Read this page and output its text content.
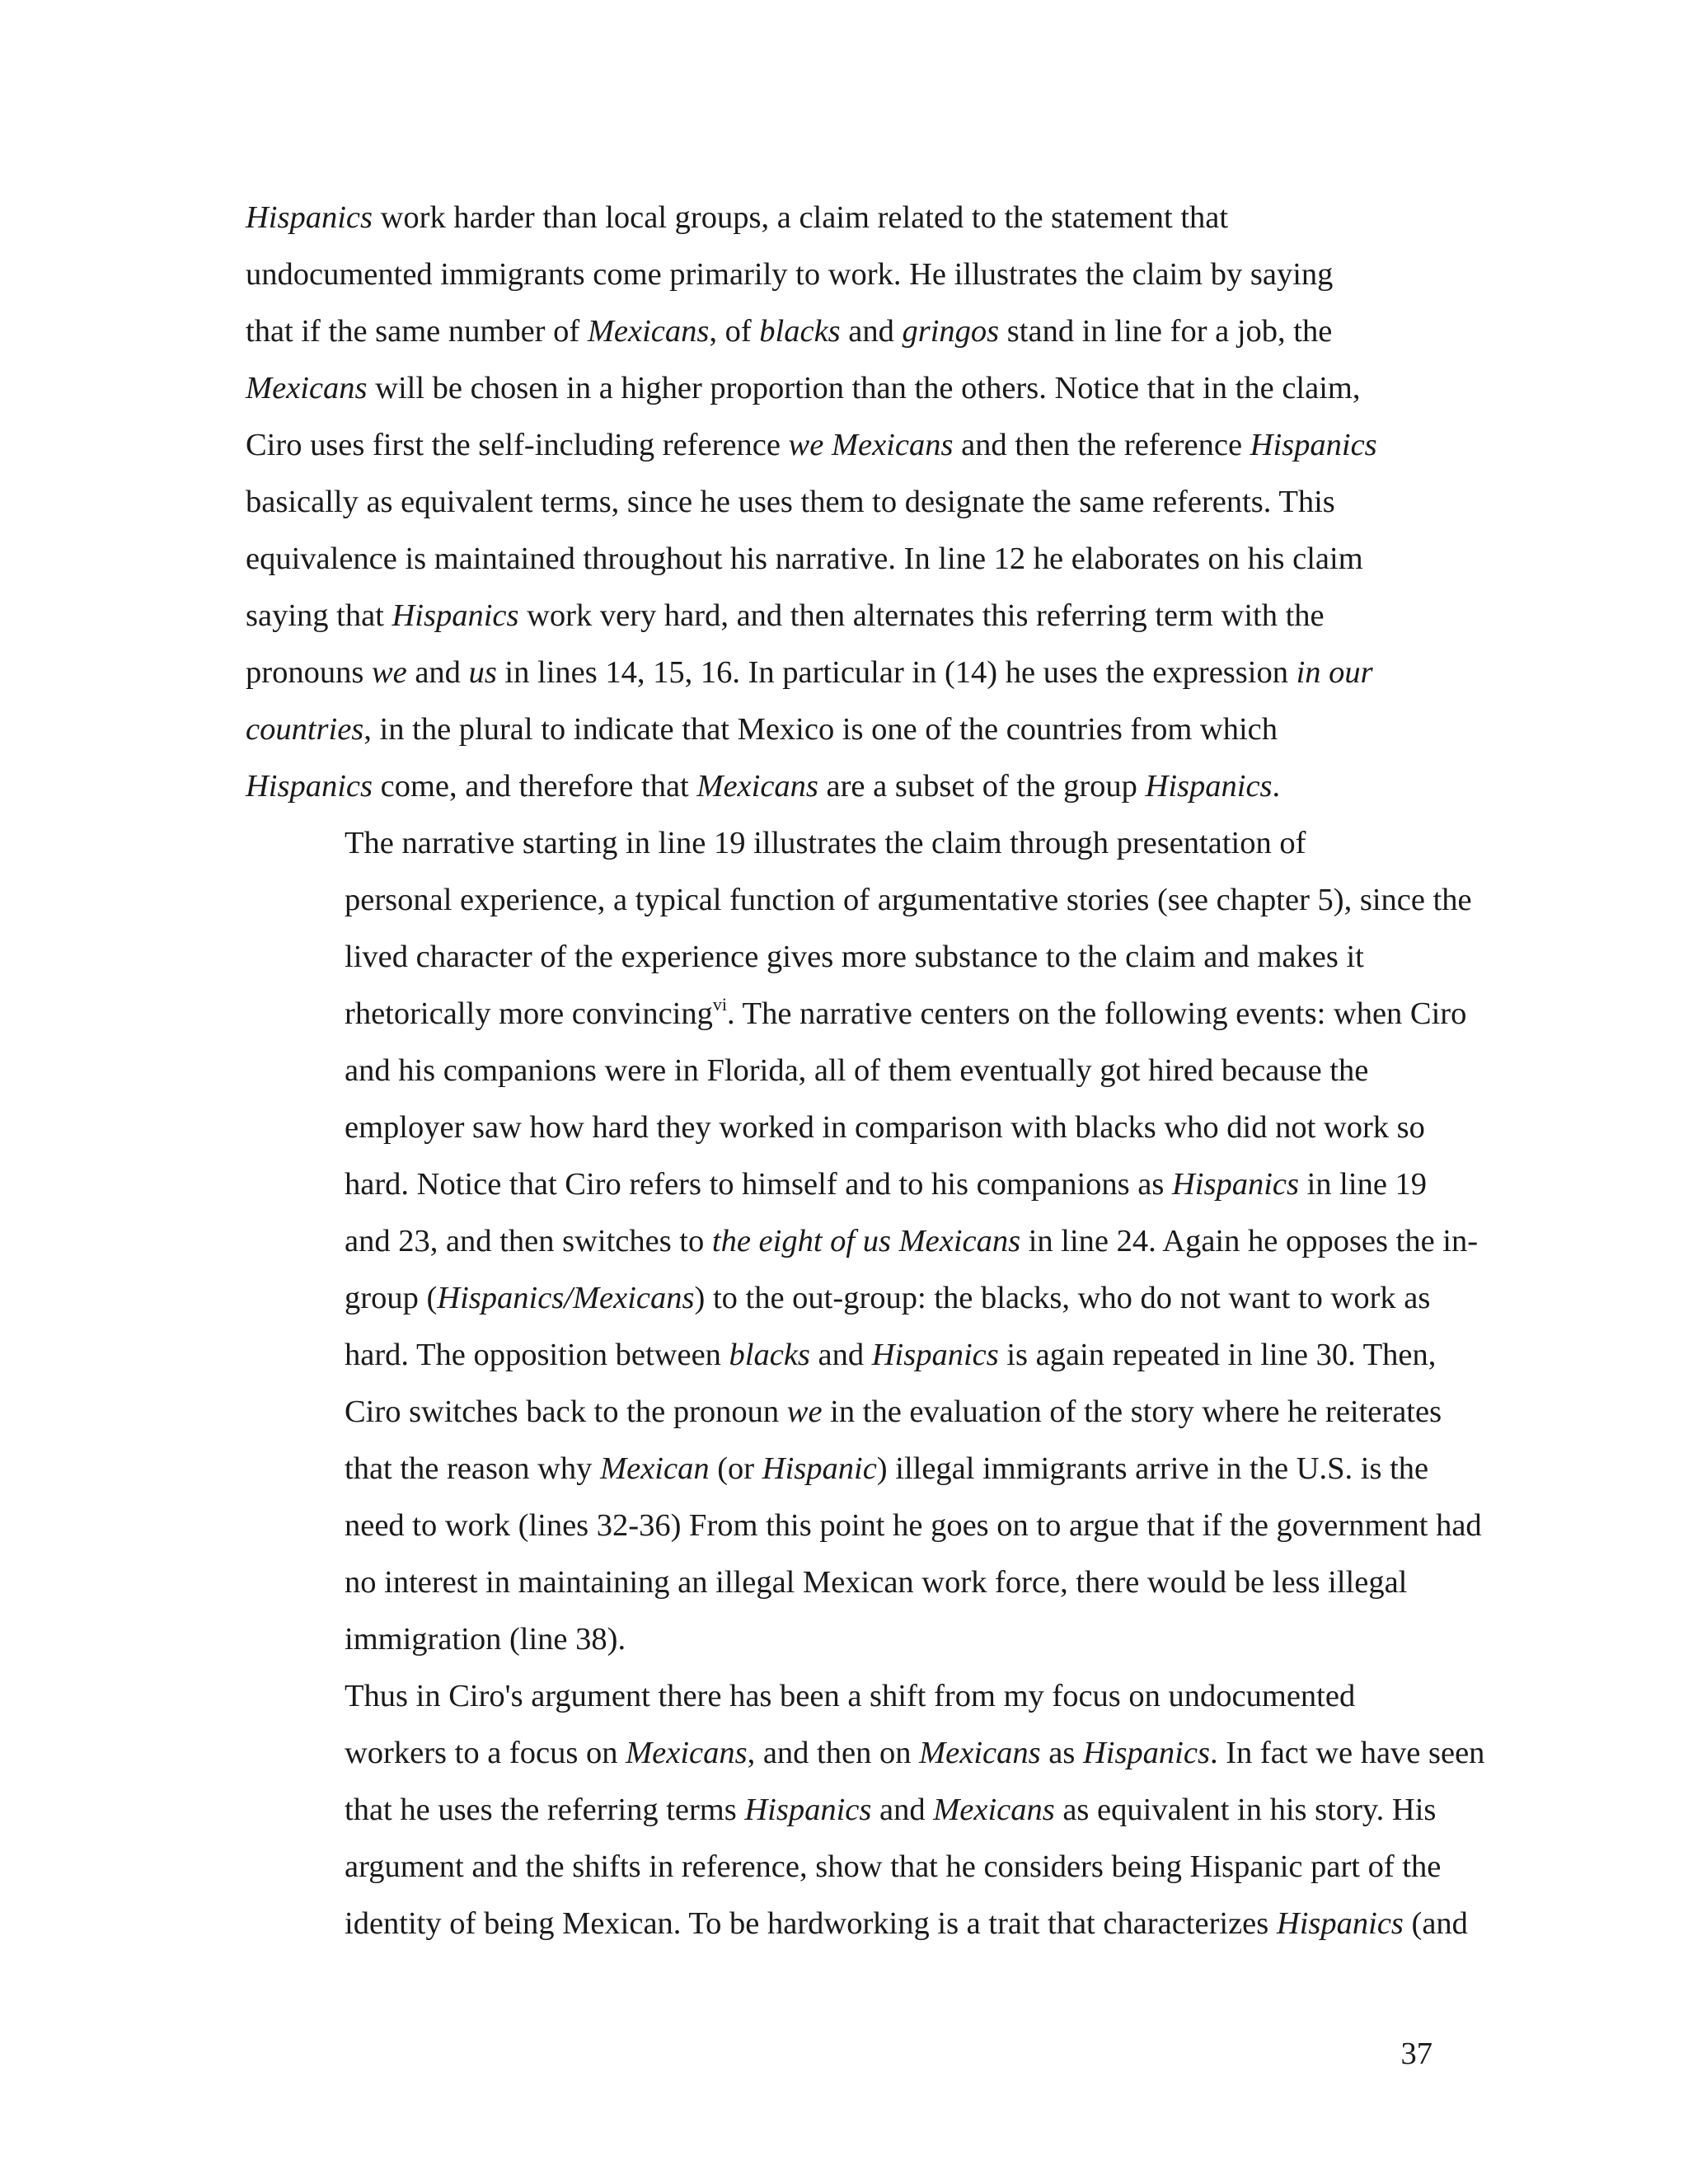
Hispanics work harder than local groups, a claim related to the statement that
undocumented immigrants come primarily to work. He illustrates the claim by saying
that if the same number of Mexicans, of blacks and gringos stand in line for a job, the
Mexicans will be chosen in a higher proportion than the others. Notice that in the claim,
Ciro uses first the self-including reference we Mexicans and then the reference Hispanics
basically as equivalent terms, since he uses them to designate the same referents. This
equivalence is maintained throughout his narrative. In line 12 he elaborates on his claim
saying that Hispanics work very hard, and then alternates this referring term with the
pronouns we and us in lines 14, 15, 16. In particular in (14) he uses the expression in our
countries, in the plural to indicate that Mexico is one of the countries from which
Hispanics come, and therefore that Mexicans are a subset of the group Hispanics.
The narrative starting in line 19 illustrates the claim through presentation of
personal experience, a typical function of argumentative stories (see chapter 5), since the
lived character of the experience gives more substance to the claim and makes it
rhetorically more convincing$^{vi}$. The narrative centers on the following events: when Ciro
and his companions were in Florida, all of them eventually got hired because the
employer saw how hard they worked in comparison with blacks who did not work so
hard. Notice that Ciro refers to himself and to his companions as Hispanics in line 19
and 23, and then switches to the eight of us Mexicans in line 24. Again he opposes the in-
group (Hispanics/Mexicans) to the out-group: the blacks, who do not want to work as
hard. The opposition between blacks and Hispanics is again repeated in line 30. Then,
Ciro switches back to the pronoun we in the evaluation of the story where he reiterates
that the reason why Mexican (or Hispanic) illegal immigrants arrive in the U.S. is the
need to work (lines 32-36) From this point he goes on to argue that if the government had
no interest in maintaining an illegal Mexican work force, there would be less illegal
immigration (line 38).
Thus in Ciro's argument there has been a shift from my focus on undocumented
workers to a focus on Mexicans, and then on Mexicans as Hispanics. In fact we have seen
that he uses the referring terms Hispanics and Mexicans as equivalent in his story. His
argument and the shifts in reference, show that he considers being Hispanic part of the
identity of being Mexican. To be hardworking is a trait that characterizes Hispanics (and
37
